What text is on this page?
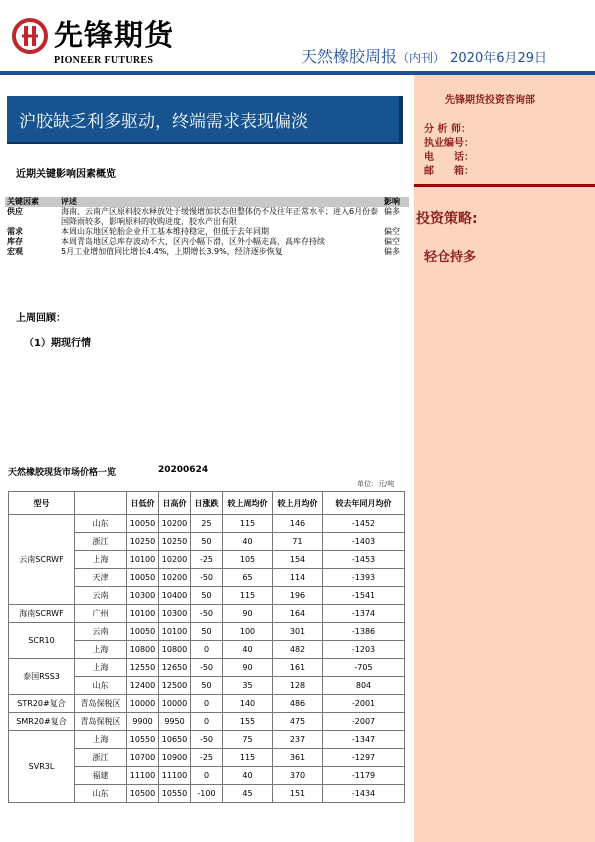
先锋期货
PIONEER FUTURES	天然橡胶周报（内刊） 2020年6月29日
先锋期货投资咨询部
分 析 师：
执业编号：
电　　话：
邮　　箱：
投资策略:
轻仓持多
沪胶缺乏利多驱动，终端需求表现偏淡
近期关键影响因素概览
关键因素	评述	影响
供应	海南、云南产区原料胶水释放处于缓慢增加状态但整体仍不及往年正常水平；进入6月份泰国降雨较多，影响原料的收购进度，胶水产出有限	偏多
需求	本周山东地区轮胎企业开工基本维持稳定，但低于去年同期	偏空
库存	本周青岛地区总库存波动不大，区内小幅下滑，区外小幅走高，高库存持续	偏空
宏观	5月工业增加值同比增长4.4%，上期增长3.9%，经济逐步恢复	偏多
上周回顾：
（1）期现行情
天然橡胶现货市场价格一览	20200624
单位：元/吨
型号		日低价	日高价	日涨跌	较上周均价	较上月均价	较去年同月均价
云南SCRWF	山东	10050	10200	25	115	146	-1452
	浙江	10250	10250	50	40	71	-1403
	上海	10100	10200	-25	105	154	-1453
	天津	10050	10200	-50	65	114	-1393
	云南	10300	10400	50	115	196	-1541
海南SCRWF	广州	10100	10300	-50	90	164	-1374
SCR10	云南	10050	10100	50	100	301	-1386
	上海	10800	10800	0	40	482	-1203
泰国RSS3	上海	12550	12650	-50	90	161	-705
	山东	12400	12500	50	35	128	804
STR20#复合	青岛保税区	10000	10000	0	140	486	-2001
SMR20#复合	青岛保税区	9900	9950	0	155	475	-2007
SVR3L	上海	10550	10650	-50	75	237	-1347
	浙江	10700	10900	-25	115	361	-1297
	福建	11100	11100	0	40	370	-1179
	山东	10500	10550	-100	45	151	-1434
